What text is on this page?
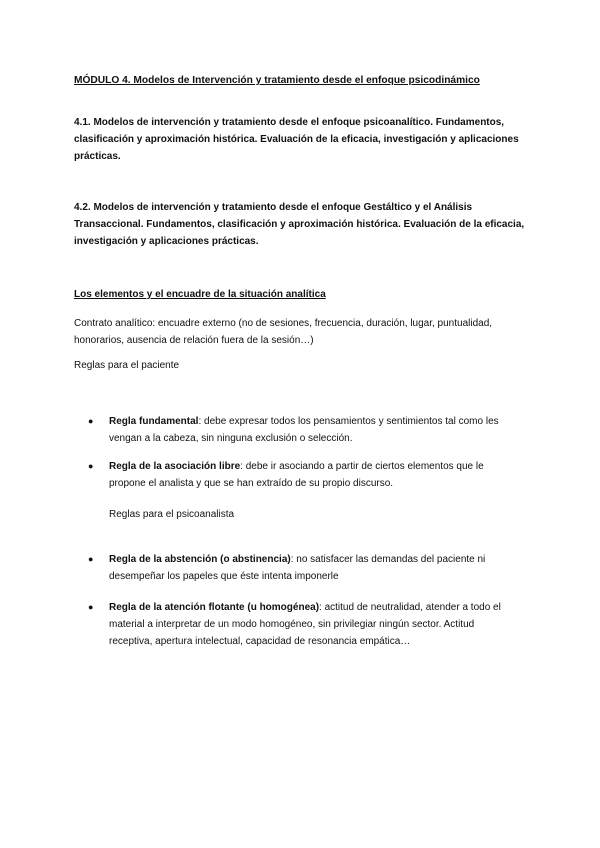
MÓDULO 4. Modelos de Intervención y tratamiento desde el enfoque psicodinámico
4.1. Modelos de intervención y tratamiento desde el enfoque psicoanalítico. Fundamentos, clasificación y aproximación histórica. Evaluación de la eficacia, investigación y aplicaciones prácticas.
4.2. Modelos de intervención y tratamiento desde el enfoque Gestáltico y el Análisis Transaccional. Fundamentos, clasificación y aproximación histórica. Evaluación de la eficacia, investigación y aplicaciones prácticas.
Los elementos y el encuadre de la situación analítica
Contrato analítico: encuadre externo (no de sesiones, frecuencia, duración, lugar, puntualidad, honorarios, ausencia de relación fuera de la sesión…)
Reglas para el paciente
●	Regla fundamental: debe expresar todos los pensamientos y sentimientos tal como les vengan a la cabeza, sin ninguna exclusión o selección.
●	Regla de la asociación libre: debe ir asociando a partir de ciertos elementos que le propone el analista y que se han extraído de su propio discurso.
Reglas para el psicoanalista
●	Regla de la abstención (o abstinencia): no satisfacer las demandas del paciente ni desempeñar los papeles que éste intenta imponerle
●	Regla de la atención flotante (u homogénea): actitud de neutralidad, atender a todo el material a interpretar de un modo homogéneo, sin privilegiar ningún sector. Actitud receptiva, apertura intelectual, capacidad de resonancia empática…
